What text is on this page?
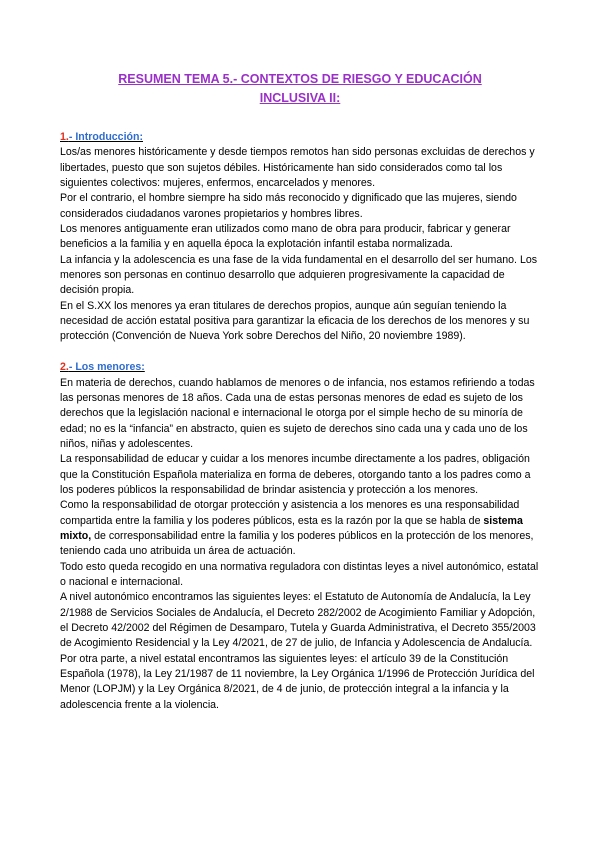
RESUMEN TEMA 5.- CONTEXTOS DE RIESGO Y EDUCACIÓN
INCLUSIVA II:
1.- Introducción:

Los/as menores históricamente y desde tiempos remotos han sido personas excluidas de derechos y libertades, puesto que son sujetos débiles. Históricamente han sido considerados como tal los siguientes colectivos: mujeres, enfermos, encarcelados y menores.

Por el contrario, el hombre siempre ha sido más reconocido y dignificado que las mujeres, siendo considerados ciudadanos varones propietarios y hombres libres.

Los menores antiguamente eran utilizados como mano de obra para producir, fabricar y generar beneficios a la familia y en aquella época la explotación infantil estaba normalizada.

La infancia y la adolescencia es una fase de la vida fundamental en el desarrollo del ser humano. Los menores son personas en continuo desarrollo que adquieren progresivamente la capacidad de decisión propia.

En el S.XX los menores ya eran titulares de derechos propios, aunque aún seguían teniendo la necesidad de acción estatal positiva para garantizar la eficacia de los derechos de los menores y su protección (Convención de Nueva York sobre Derechos del Niño, 20 noviembre 1989).

2.- Los menores:

En materia de derechos, cuando hablamos de menores o de infancia, nos estamos refiriendo a todas las personas menores de 18 años. Cada una de estas personas menores de edad es sujeto de los derechos que la legislación nacional e internacional le otorga por el simple hecho de su minoría de edad; no es la “infancia” en abstracto, quien es sujeto de derechos sino cada una y cada uno de los niños, niñas y adolescentes.

La responsabilidad de educar y cuidar a los menores incumbe directamente a los padres, obligación que la Constitución Española materializa en forma de deberes, otorgando tanto a los padres como a los poderes públicos la responsabilidad de brindar asistencia y protección a los menores.

Como la responsabilidad de otorgar protección y asistencia a los menores es una responsabilidad compartida entre la familia y los poderes públicos, esta es la razón por la que se habla de sistema mixto, de corresponsabilidad entre la familia y los poderes públicos en la protección de los menores, teniendo cada uno atribuida un área de actuación.

Todo esto queda recogido en una normativa reguladora con distintas leyes a nivel autonómico, estatal o nacional e internacional.

A nivel autonómico encontramos las siguientes leyes: el Estatuto de Autonomía de Andalucía, la Ley 2/1988 de Servicios Sociales de Andalucía, el Decreto 282/2002 de Acogimiento Familiar y Adopción, el Decreto 42/2002 del Régimen de Desamparo, Tutela y Guarda Administrativa, el Decreto 355/2003 de Acogimiento Residencial y la Ley 4/2021, de 27 de julio, de Infancia y Adolescencia de Andalucía.

Por otra parte, a nivel estatal encontramos las siguientes leyes: el artículo 39 de la Constitución Española (1978), la Ley 21/1987 de 11 noviembre, la Ley Orgánica 1/1996 de Protección Jurídica del Menor (LOPJM) y la Ley Orgánica 8/2021, de 4 de junio, de protección integral a la infancia y la adolescencia frente a la violencia.
